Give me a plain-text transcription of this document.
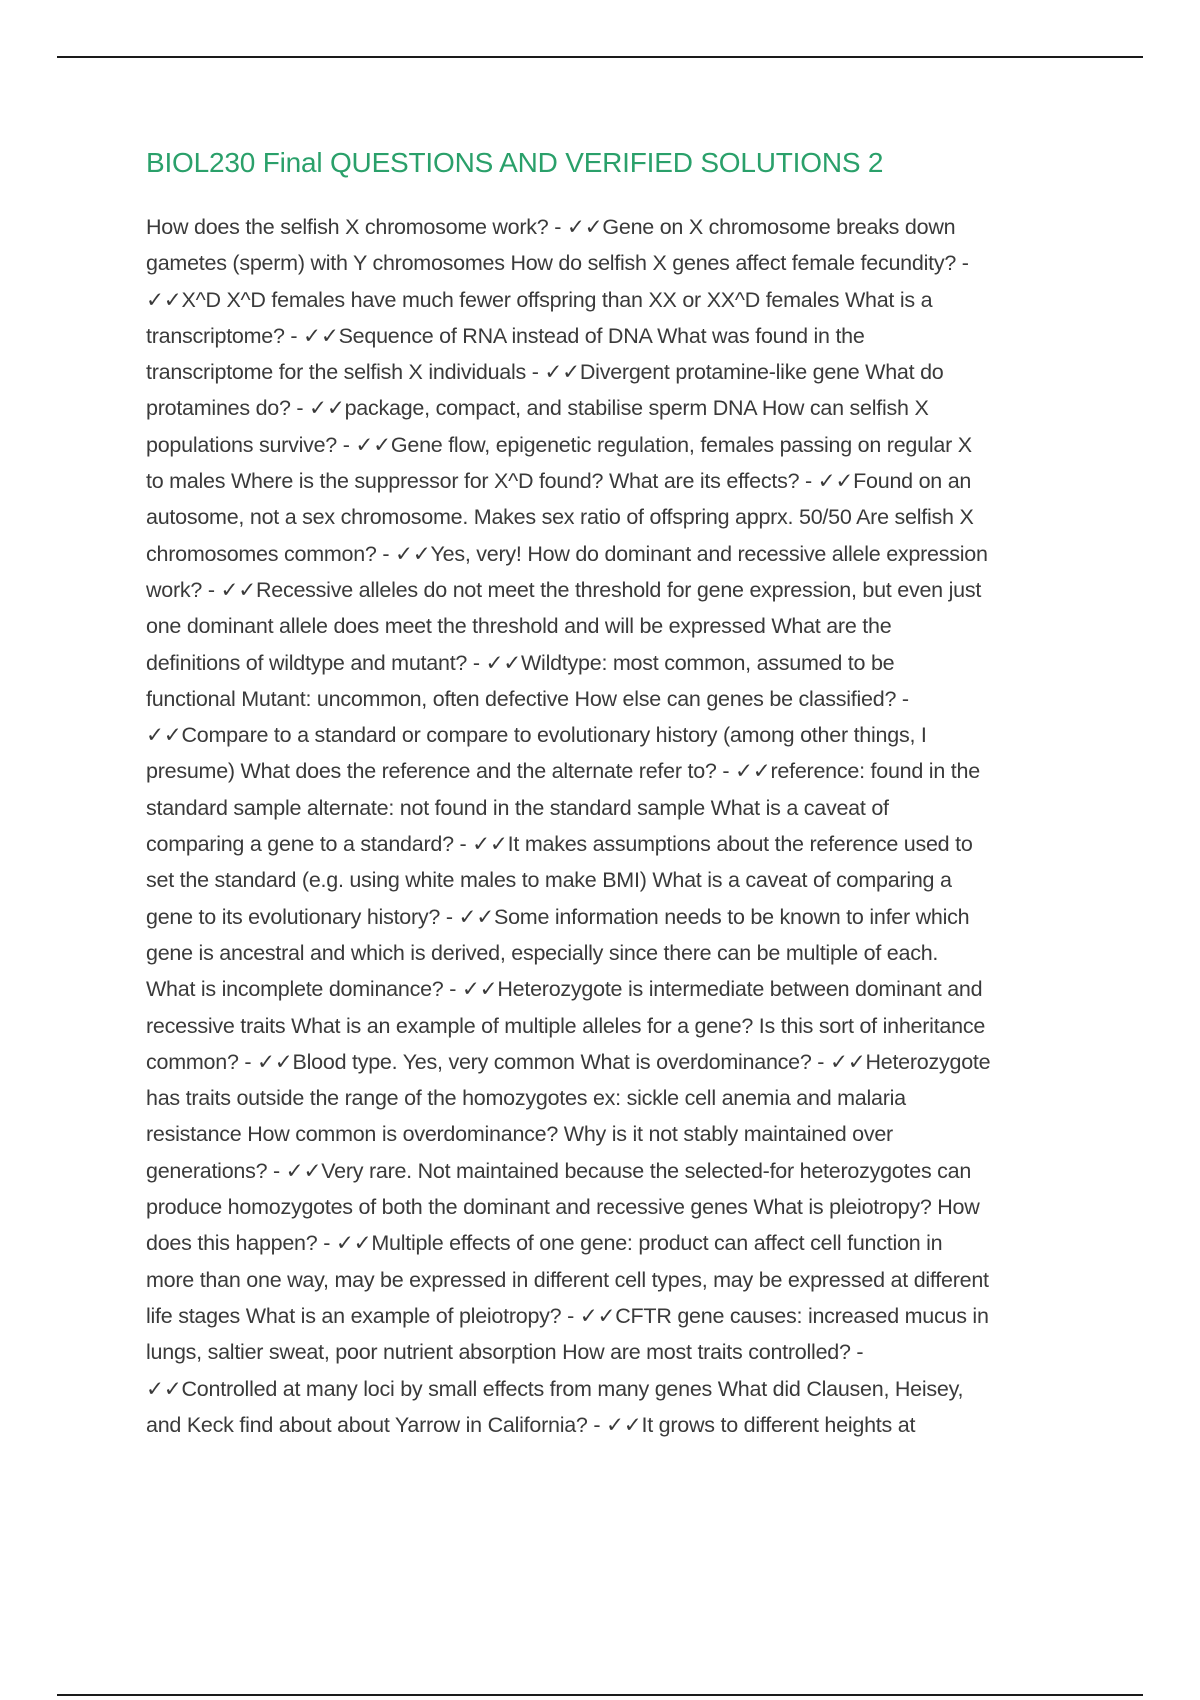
BIOL230 Final QUESTIONS AND VERIFIED SOLUTIONS 2
How does the selfish X chromosome work? - ✓✓Gene on X chromosome breaks down
gametes (sperm) with Y chromosomes How do selfish X genes affect female fecundity? -
✓✓X^D X^D females have much fewer offspring than XX or XX^D females What is a
transcriptome? - ✓✓Sequence of RNA instead of DNA What was found in the
transcriptome for the selfish X individuals - ✓✓Divergent protamine-like gene What do
protamines do? - ✓✓package, compact, and stabilise sperm DNA How can selfish X
populations survive? - ✓✓Gene flow, epigenetic regulation, females passing on regular X
to males Where is the suppressor for X^D found? What are its effects? - ✓✓Found on an
autosome, not a sex chromosome. Makes sex ratio of offspring apprx. 50/50 Are selfish X
chromosomes common? - ✓✓Yes, very! How do dominant and recessive allele expression
work? - ✓✓Recessive alleles do not meet the threshold for gene expression, but even just
one dominant allele does meet the threshold and will be expressed What are the
definitions of wildtype and mutant? - ✓✓Wildtype: most common, assumed to be
functional Mutant: uncommon, often defective How else can genes be classified? -
✓✓Compare to a standard or compare to evolutionary history (among other things, I
presume) What does the reference and the alternate refer to? - ✓✓reference: found in the
standard sample alternate: not found in the standard sample What is a caveat of
comparing a gene to a standard? - ✓✓It makes assumptions about the reference used to
set the standard (e.g. using white males to make BMI) What is a caveat of comparing a
gene to its evolutionary history? - ✓✓Some information needs to be known to infer which
gene is ancestral and which is derived, especially since there can be multiple of each.
What is incomplete dominance? - ✓✓Heterozygote is intermediate between dominant and
recessive traits What is an example of multiple alleles for a gene? Is this sort of inheritance
common? - ✓✓Blood type. Yes, very common What is overdominance? - ✓✓Heterozygote
has traits outside the range of the homozygotes ex: sickle cell anemia and malaria
resistance How common is overdominance? Why is it not stably maintained over
generations? - ✓✓Very rare. Not maintained because the selected-for heterozygotes can
produce homozygotes of both the dominant and recessive genes What is pleiotropy? How
does this happen? - ✓✓Multiple effects of one gene: product can affect cell function in
more than one way, may be expressed in different cell types, may be expressed at different
life stages What is an example of pleiotropy? - ✓✓CFTR gene causes: increased mucus in
lungs, saltier sweat, poor nutrient absorption How are most traits controlled? -
✓✓Controlled at many loci by small effects from many genes What did Clausen, Heisey,
and Keck find about about Yarrow in California? - ✓✓It grows to different heights at
